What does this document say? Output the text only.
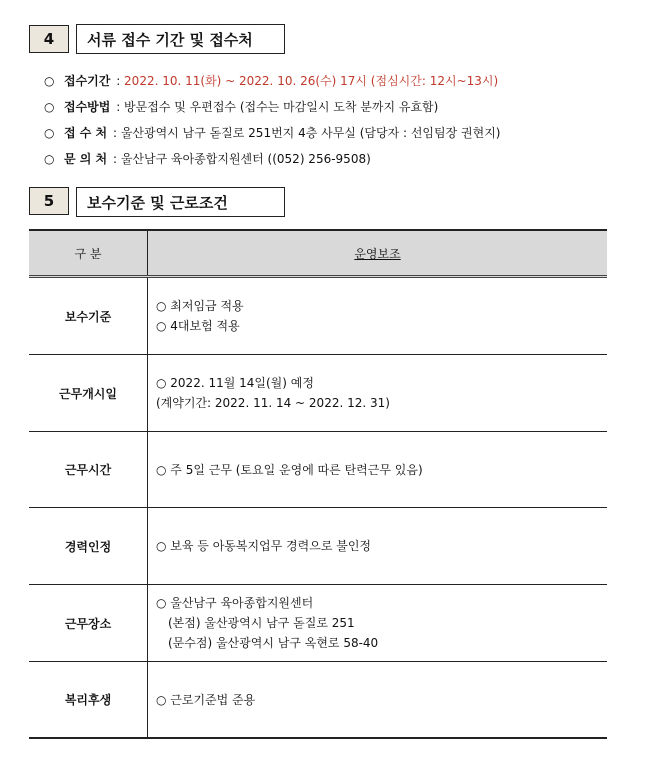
4	서류 접수 기간 및 접수처
○ 접수기간 : 2022. 10. 11(화) ~ 2022. 10. 26(수) 17시 (점심시간: 12시~13시)
○ 접수방법 : 방문접수 및 우편접수 (접수는 마감일시 도착 분까지 유효함)
○ 접 수 처 : 울산광역시 남구 돋질로 251번지 4층 사무실 (담당자 : 선임팀장 권현지)
○ 문 의 처 : 울산남구 육아종합지원센터 ((052) 256-9508)
5	보수기준 및 근로조건
구 분	운영보조
보수기준	○ 최저임금 적용
○ 4대보험 적용

근무개시일	○ 2022. 11월 14일(월) 예정
(계약기간: 2022. 11. 14 ~ 2022. 12. 31)

근무시간	○ 주 5일 근무 (토요일 운영에 따른 탄력근무 있음)

경력인정	○ 보육 등 아동복지업무 경력으로 불인정

근무장소	○ 울산남구 육아종합지원센터
(본점) 울산광역시 남구 돋질로 251
(문수점) 울산광역시 남구 옥현로 58-40

복리후생	○ 근로기준법 준용
